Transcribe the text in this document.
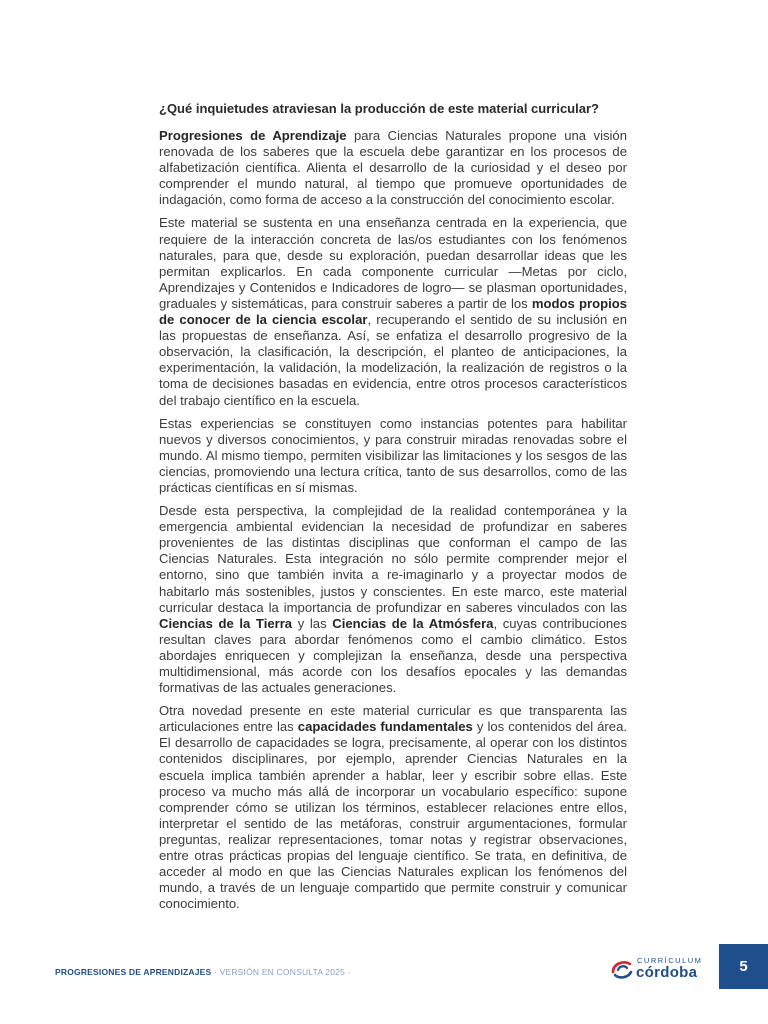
¿Qué inquietudes atraviesan la producción de este material curricular?

Progresiones de Aprendizaje para Ciencias Naturales propone una visión renovada de los saberes que la escuela debe garantizar en los procesos de alfabetización científica. Alienta el desarrollo de la curiosidad y el deseo por comprender el mundo natural, al tiempo que promueve oportunidades de indagación, como forma de acceso a la construcción del conocimiento escolar.

Este material se sustenta en una enseñanza centrada en la experiencia, que requiere de la interacción concreta de las/os estudiantes con los fenómenos naturales, para que, desde su exploración, puedan desarrollar ideas que les permitan explicarlos. En cada componente curricular —Metas por ciclo, Aprendizajes y Contenidos e Indicadores de logro— se plasman oportunidades, graduales y sistemáticas, para construir saberes a partir de los modos propios de conocer de la ciencia escolar, recuperando el sentido de su inclusión en las propuestas de enseñanza. Así, se enfatiza el desarrollo progresivo de la observación, la clasificación, la descripción, el planteo de anticipaciones, la experimentación, la validación, la modelización, la realización de registros o la toma de decisiones basadas en evidencia, entre otros procesos característicos del trabajo científico en la escuela.

Estas experiencias se constituyen como instancias potentes para habilitar nuevos y diversos conocimientos, y para construir miradas renovadas sobre el mundo. Al mismo tiempo, permiten visibilizar las limitaciones y los sesgos de las ciencias, promoviendo una lectura crítica, tanto de sus desarrollos, como de las prácticas científicas en sí mismas.

Desde esta perspectiva, la complejidad de la realidad contemporánea y la emergencia ambiental evidencian la necesidad de profundizar en saberes provenientes de las distintas disciplinas que conforman el campo de las Ciencias Naturales. Esta integración no sólo permite comprender mejor el entorno, sino que también invita a re-imaginarlo y a proyectar modos de habitarlo más sostenibles, justos y conscientes. En este marco, este material curricular destaca la importancia de profundizar en saberes vinculados con las Ciencias de la Tierra y las Ciencias de la Atmósfera, cuyas contribuciones resultan claves para abordar fenómenos como el cambio climático. Estos abordajes enriquecen y complejizan la enseñanza, desde una perspectiva multidimensional, más acorde con los desafíos epocales y las demandas formativas de las actuales generaciones.

Otra novedad presente en este material curricular es que transparenta las articulaciones entre las capacidades fundamentales y los contenidos del área. El desarrollo de capacidades se logra, precisamente, al operar con los distintos contenidos disciplinares, por ejemplo, aprender Ciencias Naturales en la escuela implica también aprender a hablar, leer y escribir sobre ellas. Este proceso va mucho más allá de incorporar un vocabulario específico: supone comprender cómo se utilizan los términos, establecer relaciones entre ellos, interpretar el sentido de las metáforas, construir argumentaciones, formular preguntas, realizar representaciones, tomar notas y registrar observaciones, entre otras prácticas propias del lenguaje científico. Se trata, en definitiva, de acceder al modo en que las Ciencias Naturales explican los fenómenos del mundo, a través de un lenguaje compartido que permite construir y comunicar conocimiento.

PROGRESIONES DE APRENDIZAJES · VERSIÓN EN CONSULTA 2025 ·
CURRÍCULUM
córdoba	5
